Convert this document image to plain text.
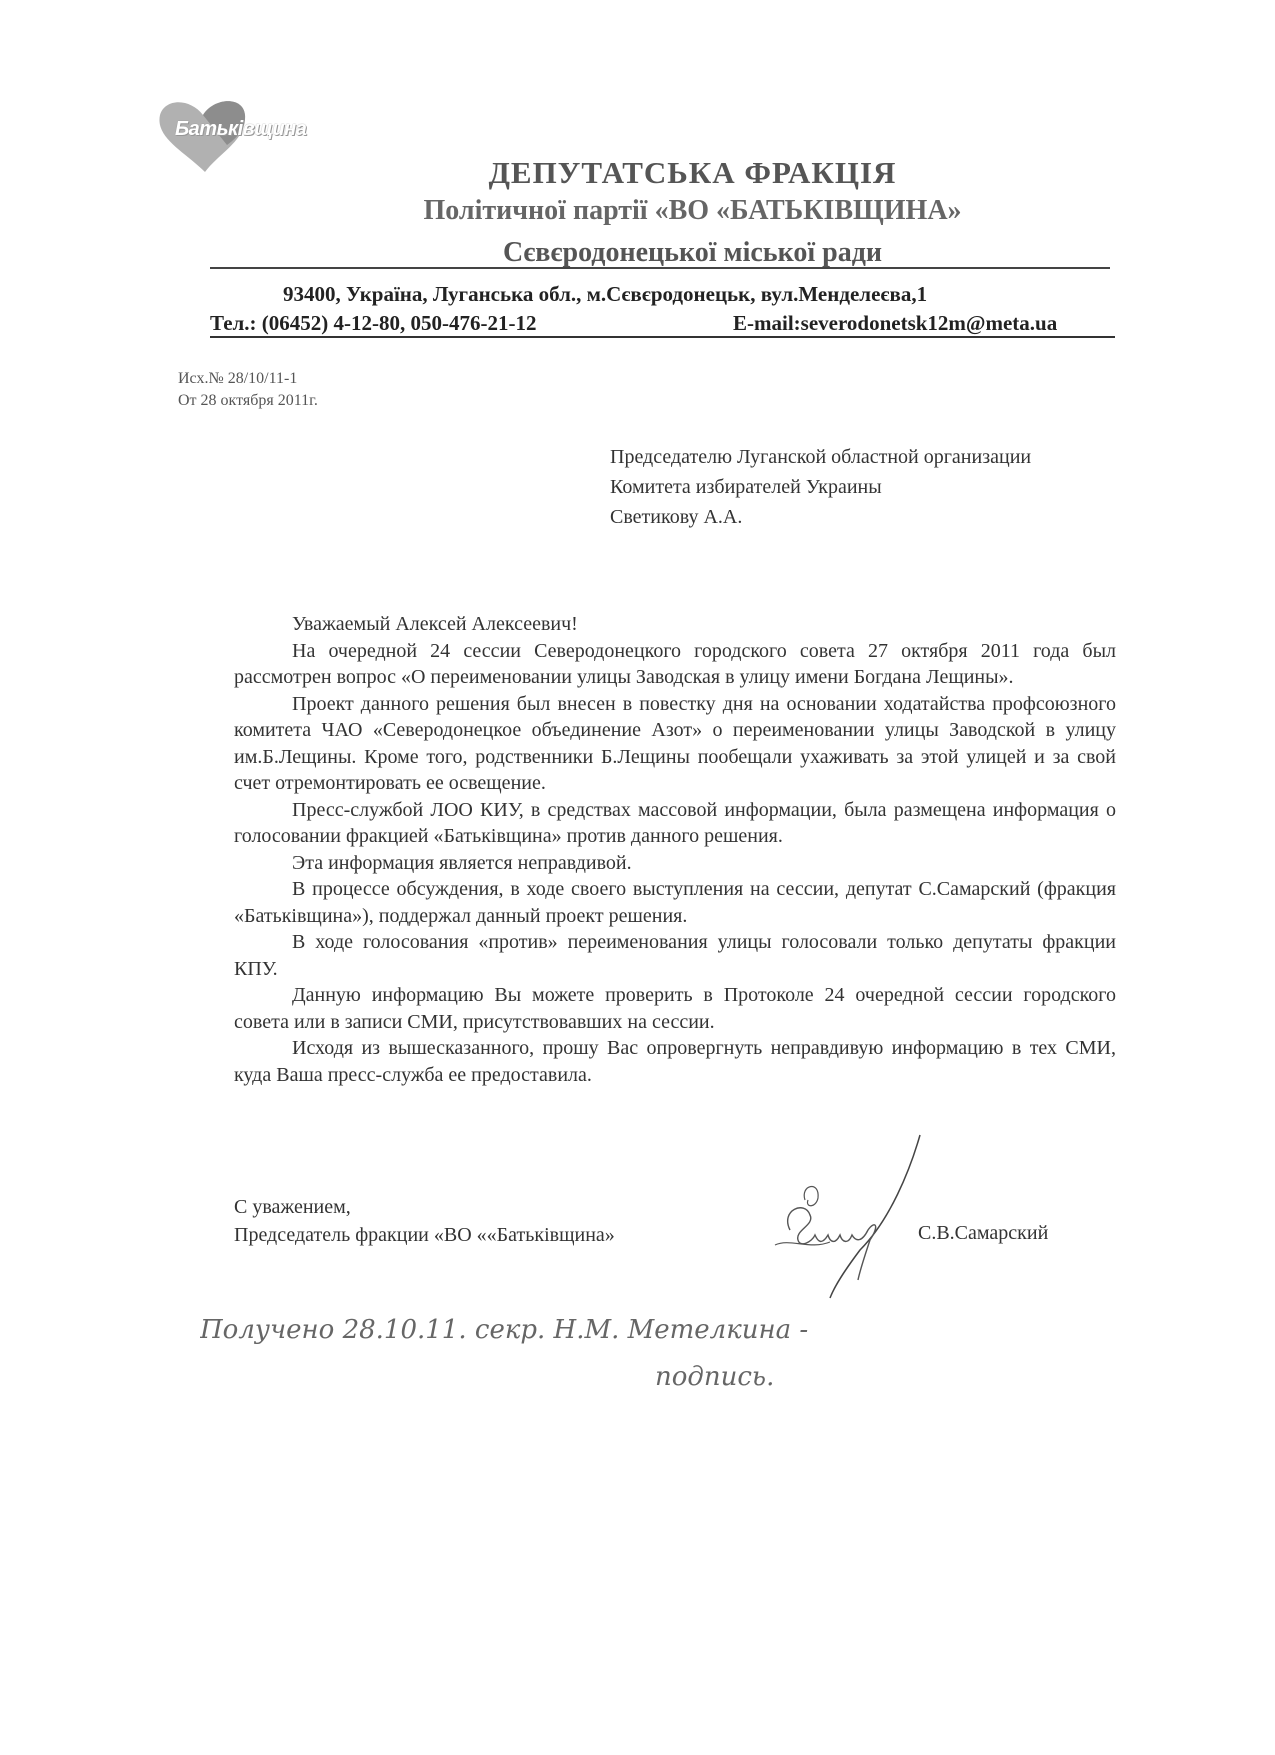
Батьківщина
ДЕПУТАТСЬКА ФРАКЦІЯ
Політичної партії «ВО «БАТЬКІВЩИНА»
Сєвєродонецької міської ради
93400, Україна, Луганська обл., м.Сєвєродонецьк, вул.Менделеєва,1
Тел.: (06452) 4-12-80, 050-476-21-12	E-mail:severodonetsk12m@meta.ua
Исх.№ 28/10/11-1
От 28 октября 2011г.
Председателю Луганской областной организации
Комитета избирателей Украины
Светикову А.А.

Уважаемый Алексей Алексеевич!

На очередной 24 сессии Северодонецкого городского совета 27 октября 2011 года был рассмотрен вопрос «О переименовании улицы Заводская в улицу имени Богдана Лещины».

Проект данного решения был внесен в повестку дня на основании ходатайства профсоюзного комитета ЧАО «Северодонецкое объединение Азот» о переименовании улицы Заводской в улицу им.Б.Лещины. Кроме того, родственники Б.Лещины пообещали ухаживать за этой улицей и за свой счет отремонтировать ее освещение.

Пресс-службой ЛОО КИУ, в средствах массовой информации, была размещена информация о голосовании фракцией «Батьківщина» против данного решения.

Эта информация является неправдивой.

В процессе обсуждения, в ходе своего выступления на сессии, депутат С.Самарский (фракция «Батьківщина»), поддержал данный проект решения.

В ходе голосования «против» переименования улицы голосовали только депутаты фракции КПУ.

Данную информацию Вы можете проверить в Протоколе 24 очередной сессии городского совета или в записи СМИ, присутствовавших на сессии.

Исходя из вышесказанного, прошу Вас опровергнуть неправдивую информацию в тех СМИ, куда Ваша пресс-служба ее предоставила.

С уважением,
Председатель фракции «ВО ««Батьківщина»	С.В.Самарский
Получено 28.10.11. секр. Н.М. Метелкина -
подпись.
